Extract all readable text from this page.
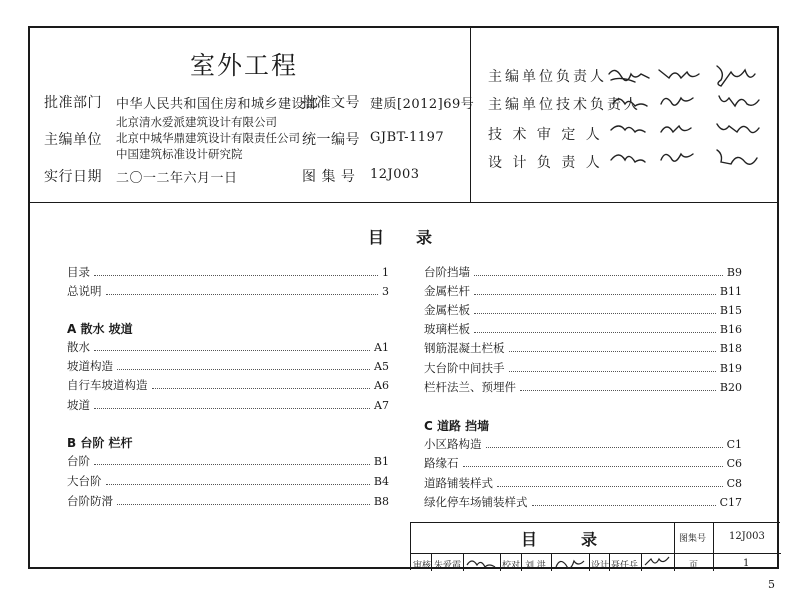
室外工程
批准部门 中华人民共和国住房和城乡建设部
批准文号 建质[2012]69号
主编单位
北京清水爱派建筑设计有限公司
北京中城华鼎建筑设计有限责任公司
中国建筑标准设计研究院
统一编号 GJBT-1197
实行日期 二〇一二年六月一日	图 集 号 12J003
主编单位负责人
主编单位技术负责人
技 术 审 定 人
设 计 负 责 人
目　　录
目录	1
总说明	3
A 散水 坡道
散水	A1
坡道构造	A5
自行车坡道构造	A6
坡道	A7
B 台阶 栏杆
台阶	B1
大台阶	B4
台阶防滑	B8
台阶挡墙	B9
金属栏杆	B11
金属栏板	B15
玻璃栏板	B16
钢筋混凝土栏板	B18
大台阶中间扶手	B19
栏杆法兰、预埋件	B20
C 道路 挡墙
小区路构造	C1
路缘石	C6
道路铺装样式	C8
绿化停车场铺装样式	C17
目　录	图集号 12J003
审核 朱爱霞	校对 刘 洪	设计 聂任兵	页	1
5
